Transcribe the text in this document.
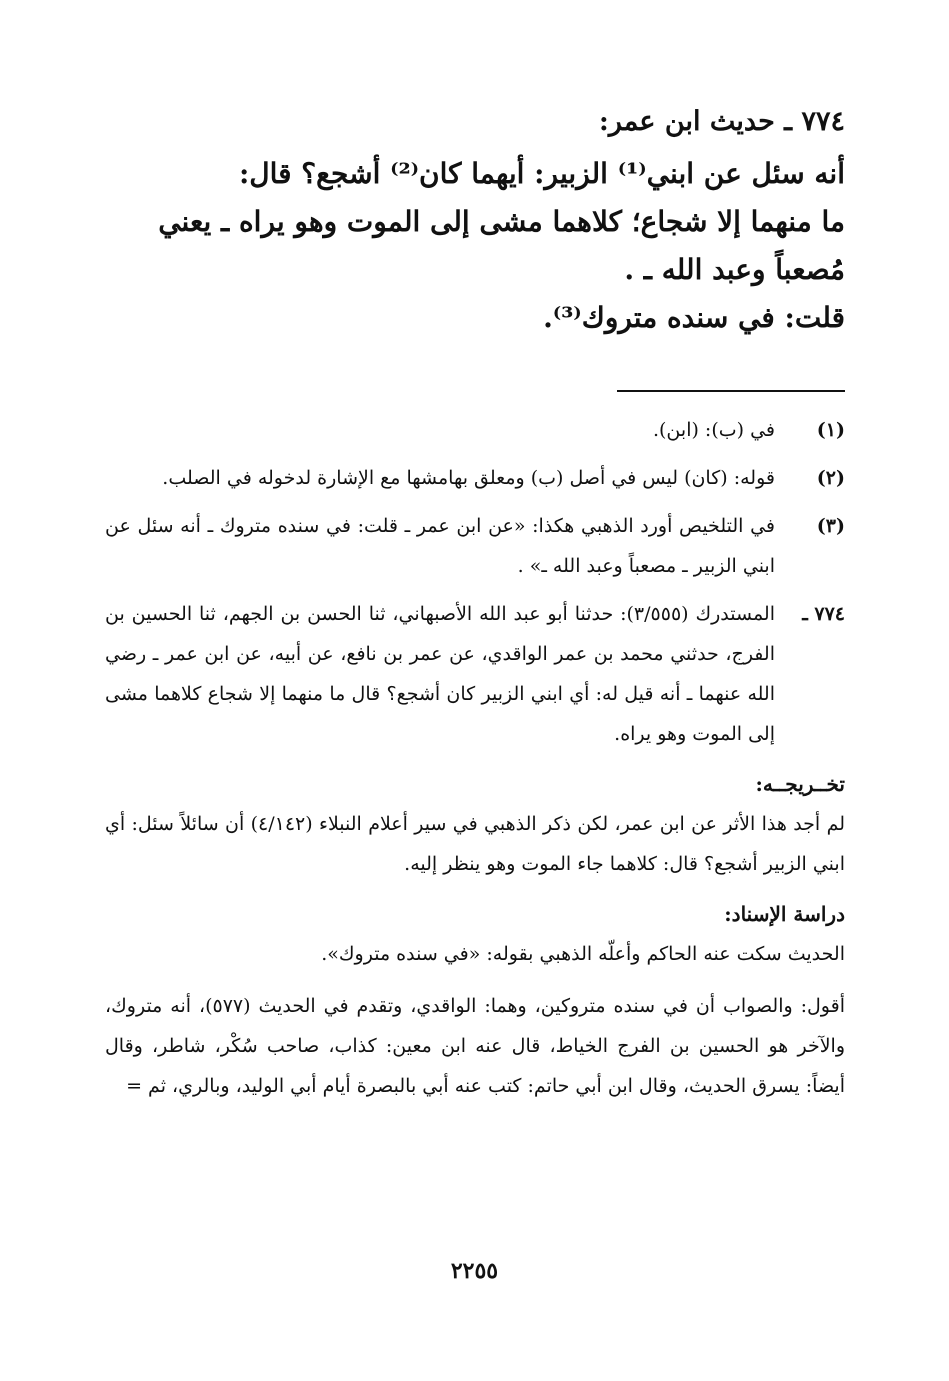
٧٧٤ ـ حديث ابن عمر:
أنه سئل عن ابني⁽¹⁾ الزبير: أيهما كان⁽²⁾ أشجع؟ قال:
ما منهما إلا شجاع؛ كلاهما مشى إلى الموت وهو يراه ـ يعني
مُصعباً وعبد الله ـ .
قلت: في سنده متروك⁽³⁾.
(١)
في (ب): (ابن).
(٢)
قوله: (كان) ليس في أصل (ب) ومعلق بهامشها مع الإشارة لدخوله في الصلب.
(٣)
في التلخيص أورد الذهبي هكذا: «عن ابن عمر ـ قلت: في سنده متروك ـ أنه سئل عن ابني الزبير ـ مصعباً وعبد الله ـ» .
٧٧٤ ـ
المستدرك (٣/٥٥٥): حدثنا أبو عبد الله الأصبهاني، ثنا الحسن بن الجهم، ثنا الحسين بن الفرج، حدثني محمد بن عمر الواقدي، عن عمر بن نافع، عن أبيه، عن ابن عمر ـ رضي الله عنهما ـ أنه قيل له: أي ابني الزبير كان أشجع؟ قال ما منهما إلا شجاع كلاهما مشى إلى الموت وهو يراه.
تخــريجــه:
لم أجد هذا الأثر عن ابن عمر، لكن ذكر الذهبي في سير أعلام النبلاء (٤/١٤٢) أن سائلاً سئل: أي ابني الزبير أشجع؟ قال: كلاهما جاء الموت وهو ينظر إليه.
دراسة الإسناد:
الحديث سكت عنه الحاكم وأعلّه الذهبي بقوله: «في سنده متروك».
أقول: والصواب أن في سنده متروكين، وهما: الواقدي، وتقدم في الحديث (٥٧٧)، أنه متروك، والآخر هو الحسين بن الفرج الخياط، قال عنه ابن معين: كذاب، صاحب سُكْر، شاطر، وقال أيضاً: يسرق الحديث، وقال ابن أبي حاتم: كتب عنه أبي بالبصرة أيام أبي الوليد، وبالري، ثم =
٢٢٥٥
